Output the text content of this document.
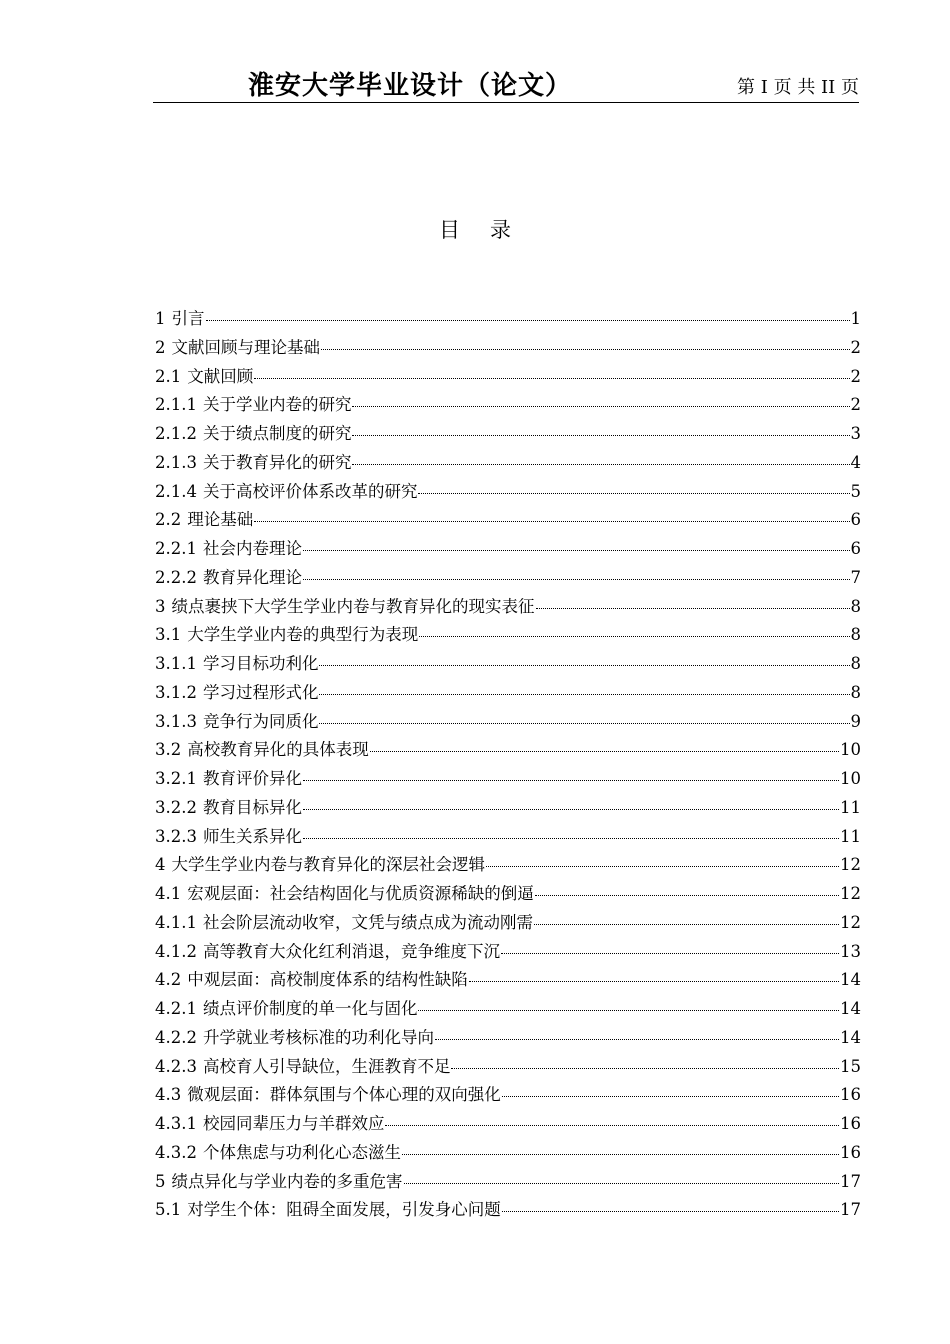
淮安大学毕业设计（论文）	第 I 页 共 II 页
目录
1 引言	1
2 文献回顾与理论基础	2
2.1 文献回顾	2
2.1.1 关于学业内卷的研究	2
2.1.2 关于绩点制度的研究	3
2.1.3 关于教育异化的研究	4
2.1.4 关于高校评价体系改革的研究	5
2.2 理论基础	6
2.2.1 社会内卷理论	6
2.2.2 教育异化理论	7
3 绩点裹挟下大学生学业内卷与教育异化的现实表征	8
3.1 大学生学业内卷的典型行为表现	8
3.1.1 学习目标功利化	8
3.1.2 学习过程形式化	8
3.1.3 竞争行为同质化	9
3.2 高校教育异化的具体表现	10
3.2.1 教育评价异化	10
3.2.2 教育目标异化	11
3.2.3 师生关系异化	11
4 大学生学业内卷与教育异化的深层社会逻辑	12
4.1 宏观层面：社会结构固化与优质资源稀缺的倒逼	12
4.1.1 社会阶层流动收窄，文凭与绩点成为流动刚需	12
4.1.2 高等教育大众化红利消退，竞争维度下沉	13
4.2 中观层面：高校制度体系的结构性缺陷	14
4.2.1 绩点评价制度的单一化与固化	14
4.2.2 升学就业考核标准的功利化导向	14
4.2.3 高校育人引导缺位，生涯教育不足	15
4.3 微观层面：群体氛围与个体心理的双向强化	16
4.3.1 校园同辈压力与羊群效应	16
4.3.2 个体焦虑与功利化心态滋生	16
5 绩点异化与学业内卷的多重危害	17
5.1 对学生个体：阻碍全面发展，引发身心问题	17
